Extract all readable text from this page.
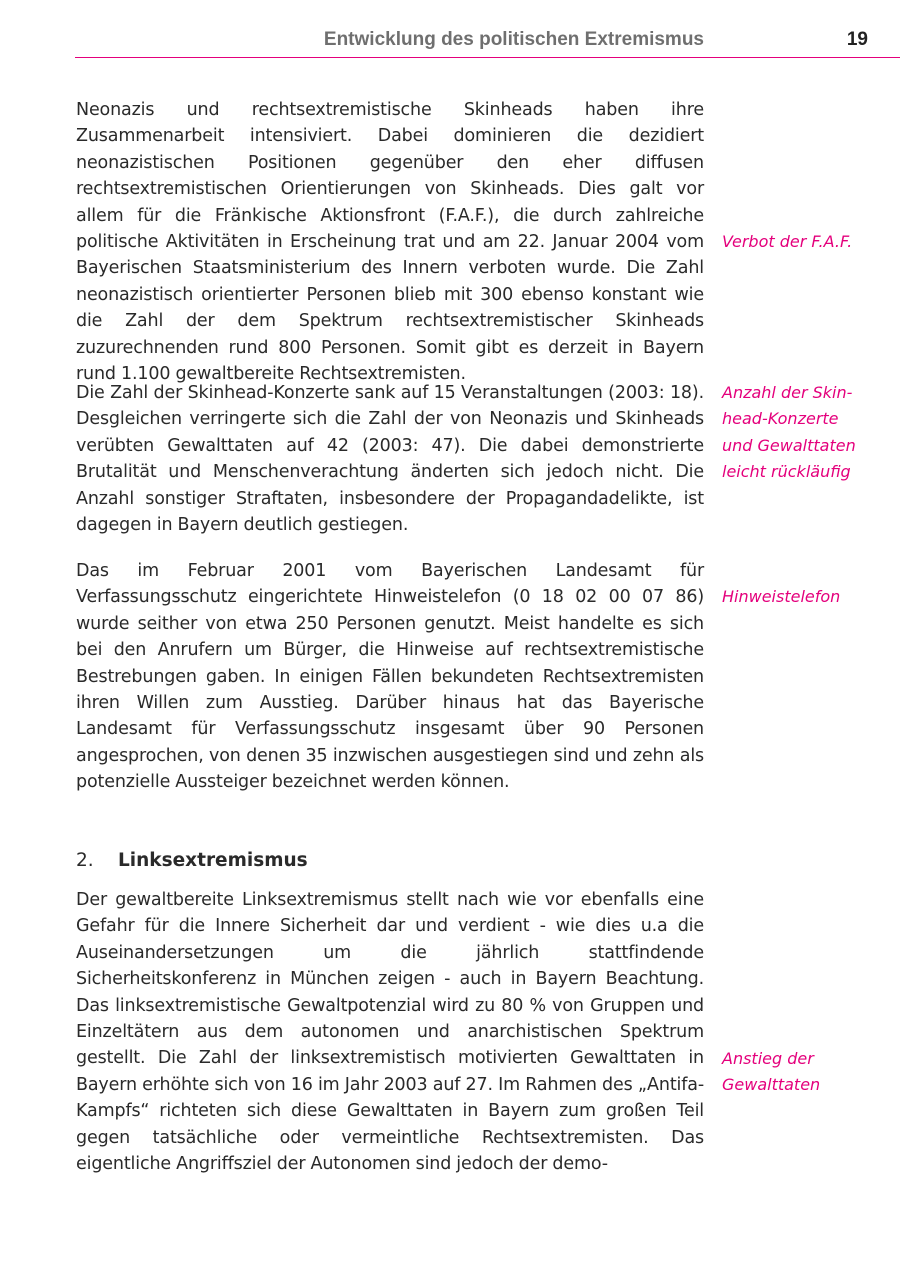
Entwicklung des politischen Extremismus	19

Neonazis und rechtsextremistische Skinheads haben ihre Zusammenarbeit intensiviert. Dabei dominieren die dezidiert neonazistischen Positionen gegenüber den eher diffusen rechtsextremistischen Orientierungen von Skinheads. Dies galt vor allem für die Fränkische Aktionsfront (F.A.F.), die durch zahlreiche politische Aktivitäten in Erscheinung trat und am 22. Januar 2004 vom Bayerischen Staatsministerium des Innern verboten wurde. Die Zahl neonazistisch orientierter Personen blieb mit 300 ebenso konstant wie die Zahl der dem Spektrum rechtsextremistischer Skinheads zuzurechnenden rund 800 Personen. Somit gibt es derzeit in Bayern rund 1.100 gewaltbereite Rechtsextremisten.

Die Zahl der Skinhead-Konzerte sank auf 15 Veranstaltungen (2003: 18). Desgleichen verringerte sich die Zahl der von Neonazis und Skinheads verübten Gewalttaten auf 42 (2003: 47). Die dabei demonstrierte Brutalität und Menschenverachtung änderten sich jedoch nicht. Die Anzahl sonstiger Straftaten, insbesondere der Propagandadelikte, ist dagegen in Bayern deutlich gestiegen.

Das im Februar 2001 vom Bayerischen Landesamt für Verfassungsschutz eingerichtete Hinweistelefon (0 18 02 00 07 86) wurde seither von etwa 250 Personen genutzt. Meist handelte es sich bei den Anrufern um Bürger, die Hinweise auf rechtsextremistische Bestrebungen gaben. In einigen Fällen bekundeten Rechtsextremisten ihren Willen zum Ausstieg. Darüber hinaus hat das Bayerische Landesamt für Verfassungsschutz insgesamt über 90 Personen angesprochen, von denen 35 inzwischen ausgestiegen sind und zehn als potenzielle Aussteiger bezeichnet werden können.

2. Linksextremismus

Der gewaltbereite Linksextremismus stellt nach wie vor ebenfalls eine Gefahr für die Innere Sicherheit dar und verdient - wie dies u.a die Auseinandersetzungen um die jährlich stattfindende Sicherheitskonferenz in München zeigen - auch in Bayern Beachtung. Das linksextremistische Gewaltpotenzial wird zu 80 % von Gruppen und Einzeltätern aus dem autonomen und anarchistischen Spektrum gestellt. Die Zahl der linksextremistisch motivierten Gewalttaten in Bayern erhöhte sich von 16 im Jahr 2003 auf 27. Im Rahmen des „Antifa-Kampfs“ richteten sich diese Gewalttaten in Bayern zum großen Teil gegen tatsächliche oder vermeintliche Rechtsextremisten. Das eigentliche Angriffsziel der Autonomen sind jedoch der demo-

Verbot der F.A.F.

Anzahl der Skin-
head-Konzerte
und Gewalttaten
leicht rückläufig

Hinweistelefon

Anstieg der
Gewalttaten
